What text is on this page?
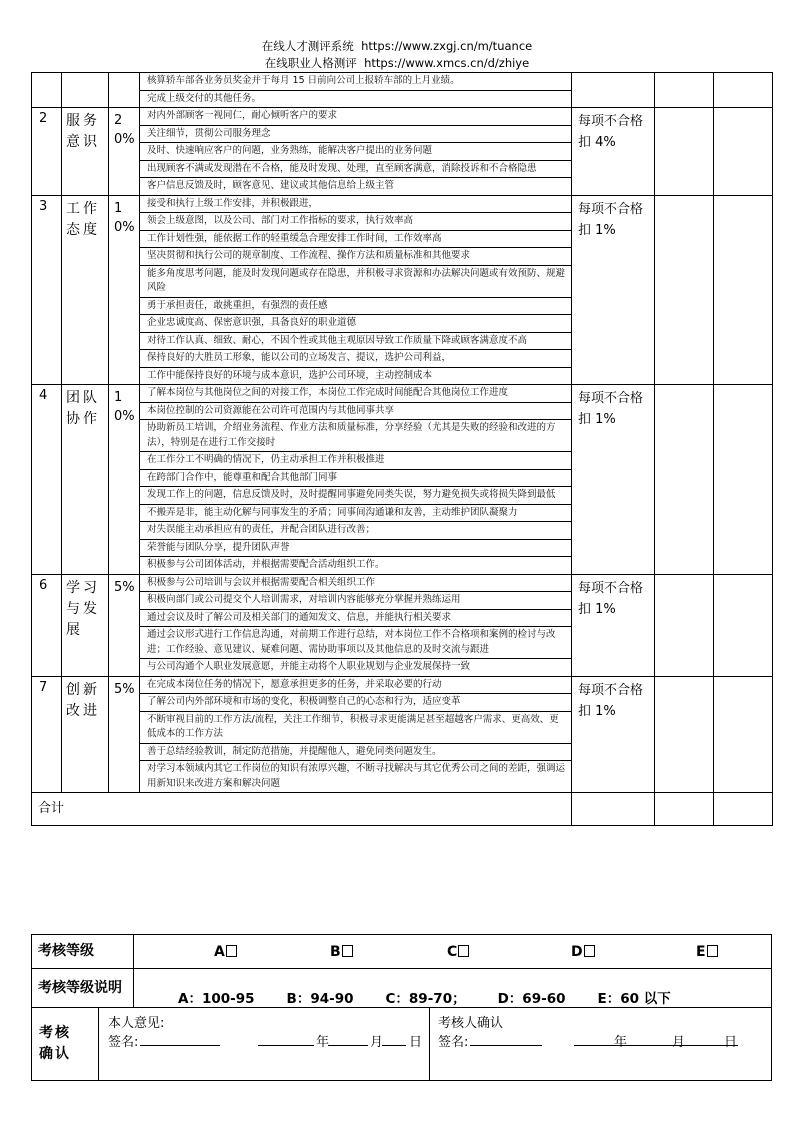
在线人才测评系统 https://www.zxgj.cn/m/tuance
在线职业人格测评 https://www.xmcs.cn/d/zhiye
			核算轿车部各业务员奖金并于每月 15 日前向公司上报轿车部的上月业绩。			
			完成上级交付的其他任务。			
2	服务意识	20%	对内外部顾客一视同仁，耐心倾听客户的要求	每项不合格扣 4%		
			关注细节，贯彻公司服务理念			
			及时、快速响应客户的问题，业务熟练，能解决客户提出的业务问题			
			出现顾客不满或发现潜在不合格，能及时发现、处理，直至顾客满意，消除投诉和不合格隐患			
			客户信息反馈及时，顾客意见、建议或其他信息给上级主管			
3	工作态度	10%	接受和执行上级工作安排，并积极跟进，	每项不合格扣 1%		
			领会上级意图，以及公司、部门对工作指标的要求，执行效率高			
			工作计划性强，能依据工作的轻重缓急合理安排工作时间，工作效率高			
			坚决贯彻和执行公司的规章制度、工作流程、操作方法和质量标准和其他要求			
			能多角度思考问题，能及时发现问题或存在隐患，并积极寻求资源和办法解决问题或有效预防、规避风险			
			勇于承担责任，敢挑重担，有强烈的责任感			
			企业忠诚度高、保密意识强，具备良好的职业道德			
			对待工作认真、细致、耐心，不因个性或其他主观原因导致工作质量下降或顾客满意度不高			
			保持良好的大胜员工形象，能以公司的立场发言、提议，选护公司利益，			
			工作中能保持良好的环境与成本意识，选护公司环境，主动控制成本			
4	团队协作	10%	了解本岗位与其他岗位之间的对接工作，本岗位工作完成时间能配合其他岗位工作进度	每项不合格扣 1%		
			本岗位控制的公司资源能在公司许可范围内与其他同事共享			
			协助新员工培训，介绍业务流程、作业方法和质量标准，分享经验（尤其是失败的经验和改进的方法），特别是在进行工作交接时			
			在工作分工不明确的情况下，仍主动承担工作并积极推进			
			在跨部门合作中，能尊重和配合其他部门同事			
			发现工作上的问题，信息反馈及时，及时提醒同事避免同类失误，努力避免损失或将损失降到最低			
			不搬弄是非，能主动化解与同事发生的矛盾；同事间沟通谦和友善，主动维护团队凝聚力			
			对失误能主动承担应有的责任，并配合团队进行改善；			
			荣誉能与团队分享，提升团队声誉			
			积极参与公司团体活动，并根据需要配合活动组织工作。			
6	学习与发展	5%	积极参与公司培训与会议并根据需要配合相关组织工作	每项不合格扣 1%		
			积极向部门或公司提交个人培训需求，对培训内容能够充分掌握并熟练运用			
			通过会议及时了解公司及相关部门的通知发文、信息，并能执行相关要求			
			通过会议形式进行工作信息沟通，对前期工作进行总结，对本岗位工作不合格项和案例的检讨与改进；工作经验、意见建议、疑难问题、需协助事项以及其他信息的及时交流与跟进			
			与公司沟通个人职业发展意愿，并能主动将个人职业规划与企业发展保持一致			
7	创新改进	5%	在完成本岗位任务的情况下，愿意承担更多的任务，并采取必要的行动	每项不合格扣 1%		
			了解公司内外部环境和市场的变化，积极调整自己的心态和行为，适应变革			
			不断审视目前的工作方法/流程，关注工作细节，积极寻求更能满足甚至超越客户需求、更高效、更低成本的工作方法			
			善于总结经验教训，制定防范措施，并提醒他人，避免同类问题发生。			
			对学习本领域内其它工作岗位的知识有浓厚兴趣，不断寻找解决与其它优秀公司之间的差距，强调运用新知识来改进方案和解决问题			
合计						
考核等级	A B C D E

考核等级说明	A：100-95 B：94-90 C：89-70； D：69-60 E：60 以下
考核确认
本人意见:
签名:	年	月 日
考核人确认
签名:	年	月	日
